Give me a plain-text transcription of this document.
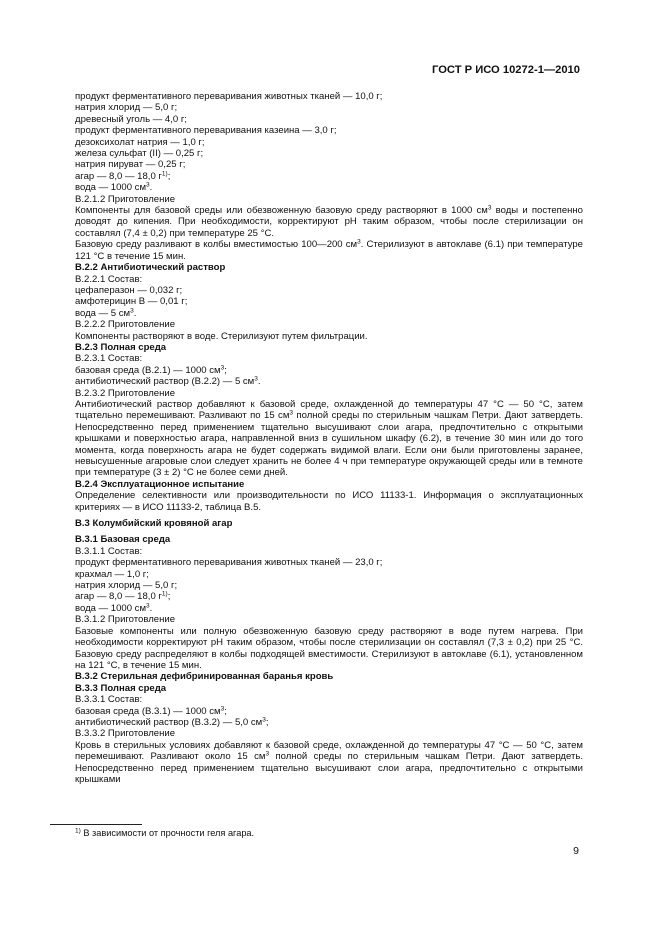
ГОСТ Р ИСО 10272-1—2010

продукт ферментативного переваривания животных тканей — 10,0 г;

натрия хлорид — 5,0 г;

древесный уголь — 4,0 г;

продукт ферментативного переваривания казеина — 3,0 г;

дезоксихолат натрия — 1,0 г;

железа сульфат (II) — 0,25 г;

натрия пируват — 0,25 г;

агар — 8,0 — 18,0 $г^{1)}$;

вода — 1000 $см^3$.

В.2.1.2 Приготовление

Компоненты для базовой среды или обезвоженную базовую среду растворяют в 1000 $см^3$ воды и постепенно доводят до кипения. При необходимости, корректируют pH таким образом, чтобы после стерилизации он составлял (7,4 ± 0,2) при температуре 25 °С.

Базовую среду разливают в колбы вместимостью 100—200 $см^3$. Стерилизуют в автоклаве (6.1) при температуре 121 °С в течение 15 мин.

В.2.2 Антибиотический раствор

В.2.2.1 Состав:

цефаперазон — 0,032 г;

амфотерицин В — 0,01 г;

вода — 5 $см^3$.

В.2.2.2 Приготовление

Компоненты растворяют в воде. Стерилизуют путем фильтрации.

В.2.3 Полная среда

В.2.3.1 Состав:

базовая среда (В.2.1) — 1000 $см^3$;

антибиотический раствор (В.2.2) — 5 $см^3$.

В.2.3.2 Приготовление

Антибиотический раствор добавляют к базовой среде, охлажденной до температуры 47 °С — 50 °С, затем тщательно перемешивают. Разливают по 15 $см^3$ полной среды по стерильным чашкам Петри. Дают затвердеть. Непосредственно перед применением тщательно высушивают слои агара, предпочтительно с открытыми крышками и поверхностью агара, направленной вниз в сушильном шкафу (6.2), в течение 30 мин или до того момента, когда поверхность агара не будет содержать видимой влаги. Если они были приготовлены заранее, невысушенные агаровые слои следует хранить не более 4 ч при температуре окружающей среды или в темноте при температуре (3 ± 2) °С не более семи дней.

В.2.4 Эксплуатационное испытание

Определение селективности или производительности по ИСО 11133-1. Информация о эксплуатационных критериях — в ИСО 11133-2, таблица В.5.

В.3 Колумбийский кровяной агар

В.3.1 Базовая среда

В.3.1.1 Состав:

продукт ферментативного переваривания животных тканей — 23,0 г;

крахмал — 1,0 г;

натрия хлорид — 5,0 г;

агар — 8,0 — 18,0 $г^{1)}$;

вода — 1000 $см^3$.

В.3.1.2 Приготовление

Базовые компоненты или полную обезвоженную базовую среду растворяют в воде путем нагрева. При необходимости корректируют pH таким образом, чтобы после стерилизации он составлял (7,3 ± 0,2) при 25 °С. Базовую среду распределяют в колбы подходящей вместимости. Стерилизуют в автоклаве (6.1), установленном на 121 °С, в течение 15 мин.

В.3.2 Стерильная дефибринированная баранья кровь

В.3.3 Полная среда

В.3.3.1 Состав:

базовая среда (В.3.1) — 1000 $см^3$;

антибиотический раствор (В.3.2) — 5,0 $см^3$;

В.3.3.2 Приготовление

Кровь в стерильных условиях добавляют к базовой среде, охлажденной до температуры 47 °С — 50 °С, затем перемешивают. Разливают около 15 $см^3$ полной среды по стерильным чашкам Петри. Дают затвердеть. Непосредственно перед применением тщательно высушивают слои агара, предпочтительно с открытыми крышками

$^{1)}$ В зависимости от прочности геля агара.
9
